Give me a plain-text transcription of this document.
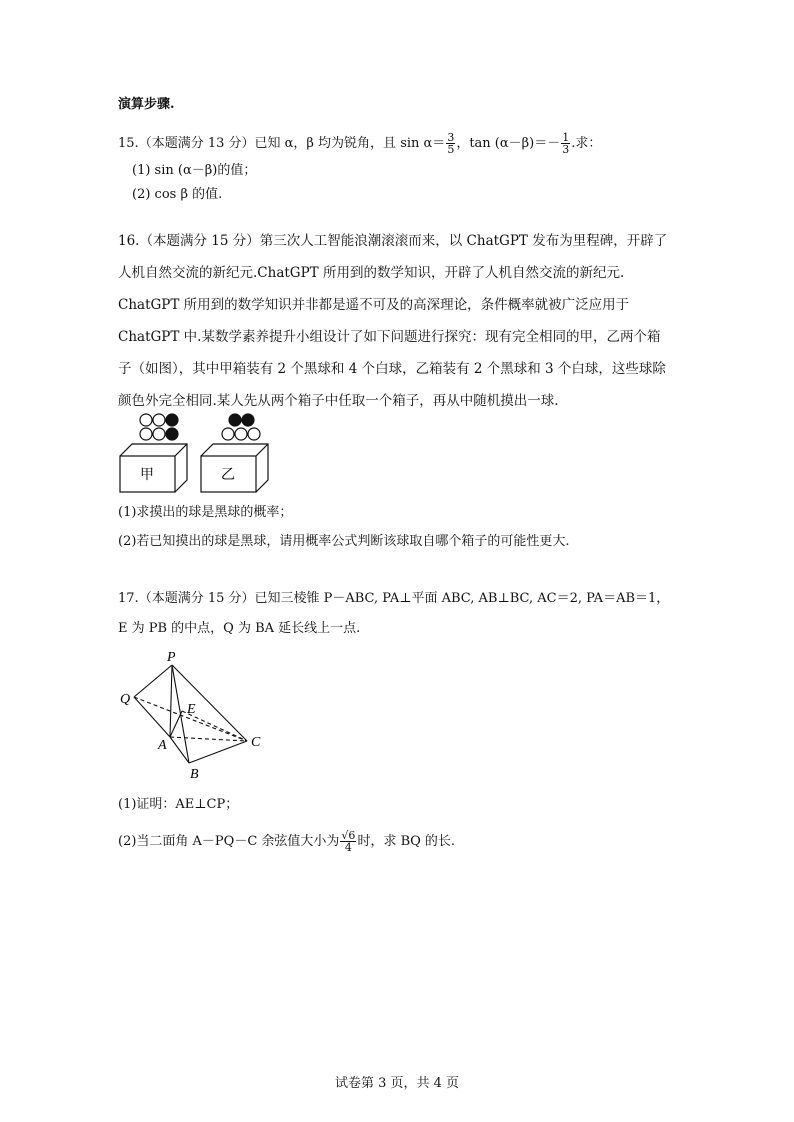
演算步骤.
15.（本题满分 13 分）已知 α，β 均为锐角，且 $\sin \alpha= \frac{3}{5}$ ，$\tan (\alpha-\beta)=- \frac{1}{3}$ .求：
(1) sin (α－β)的值；
(2) cos β 的值.
16.（本题满分 15 分）第三次人工智能浪潮滚滚而来，以 ChatGPT 发布为里程碑，开辟了
人机自然交流的新纪元.ChatGPT 所用到的数学知识，开辟了人机自然交流的新纪元.
ChatGPT 所用到的数学知识并非都是遥不可及的高深理论，条件概率就被广泛应用于
ChatGPT 中.某数学素养提升小组设计了如下问题进行探究：现有完全相同的甲，乙两个箱
子（如图），其中甲箱装有 2 个黑球和 4 个白球，乙箱装有 2 个黑球和 3 个白球，这些球除
颜色外完全相同.某人先从两个箱子中任取一个箱子，再从中随机摸出一球.
甲	乙
(1)求摸出的球是黑球的概率；
(2)若已知摸出的球是黑球，请用概率公式判断该球取自哪个箱子的可能性更大.
17.（本题满分 15 分）已知三棱锥 P－ABC, PA⊥平面 ABC, AB⊥BC, AC＝2, PA＝AB＝1，
E 为 PB 的中点，Q 为 BA 延长线上一点.
P
Q
E
A	C
B
(1)证明：AE⊥CP；
(2)当二面角 A－PQ－C 余弦值大小为 $\frac{√6}{4}$ 时，求 BQ 的长.
试卷第 3 页，共 4 页
